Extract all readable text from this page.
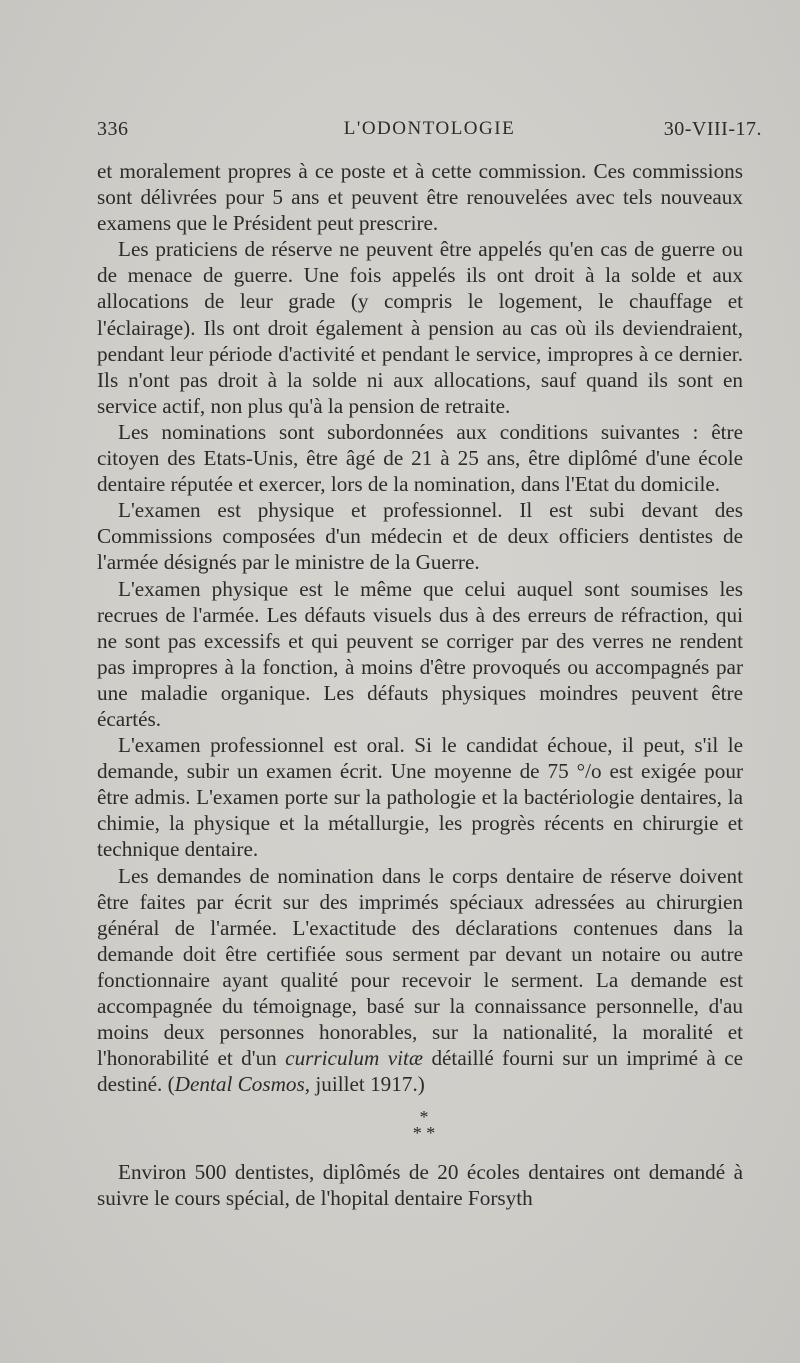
336	L'ODONTOLOGIE	30-VIII-17.

et moralement propres à ce poste et à cette commission. Ces commissions sont délivrées pour 5 ans et peuvent être renouvelées avec tels nouveaux examens que le Président peut prescrire.

Les praticiens de réserve ne peuvent être appelés qu'en cas de guerre ou de menace de guerre. Une fois appelés ils ont droit à la solde et aux allocations de leur grade (y compris le logement, le chauffage et l'éclairage). Ils ont droit également à pension au cas où ils deviendraient, pendant leur période d'activité et pendant le service, impropres à ce dernier. Ils n'ont pas droit à la solde ni aux allocations, sauf quand ils sont en service actif, non plus qu'à la pension de retraite.

Les nominations sont subordonnées aux conditions suivantes : être citoyen des Etats-Unis, être âgé de 21 à 25 ans, être diplômé d'une école dentaire réputée et exercer, lors de la nomination, dans l'Etat du domicile.

L'examen est physique et professionnel. Il est subi devant des Commissions composées d'un médecin et de deux officiers dentistes de l'armée désignés par le ministre de la Guerre.

L'examen physique est le même que celui auquel sont soumises les recrues de l'armée. Les défauts visuels dus à des erreurs de réfraction, qui ne sont pas excessifs et qui peuvent se corriger par des verres ne rendent pas impropres à la fonction, à moins d'être provoqués ou accompagnés par une maladie organique. Les défauts physiques moindres peuvent être écartés.

L'examen professionnel est oral. Si le candidat échoue, il peut, s'il le demande, subir un examen écrit. Une moyenne de 75 °/o est exigée pour être admis. L'examen porte sur la pathologie et la bactériologie dentaires, la chimie, la physique et la métallurgie, les progrès récents en chirurgie et technique dentaire.

Les demandes de nomination dans le corps dentaire de réserve doivent être faites par écrit sur des imprimés spéciaux adressées au chirurgien général de l'armée. L'exactitude des déclarations contenues dans la demande doit être certifiée sous serment par devant un notaire ou autre fonctionnaire ayant qualité pour recevoir le serment. La demande est accompagnée du témoignage, basé sur la connaissance personnelle, d'au moins deux personnes honorables, sur la nationalité, la moralité et l'honorabilité et d'un curriculum vitæ détaillé fourni sur un imprimé à ce destiné. (Dental Cosmos, juillet 1917.)

*
* *

Environ 500 dentistes, diplômés de 20 écoles dentaires ont demandé à suivre le cours spécial, de l'hopital dentaire Forsyth
